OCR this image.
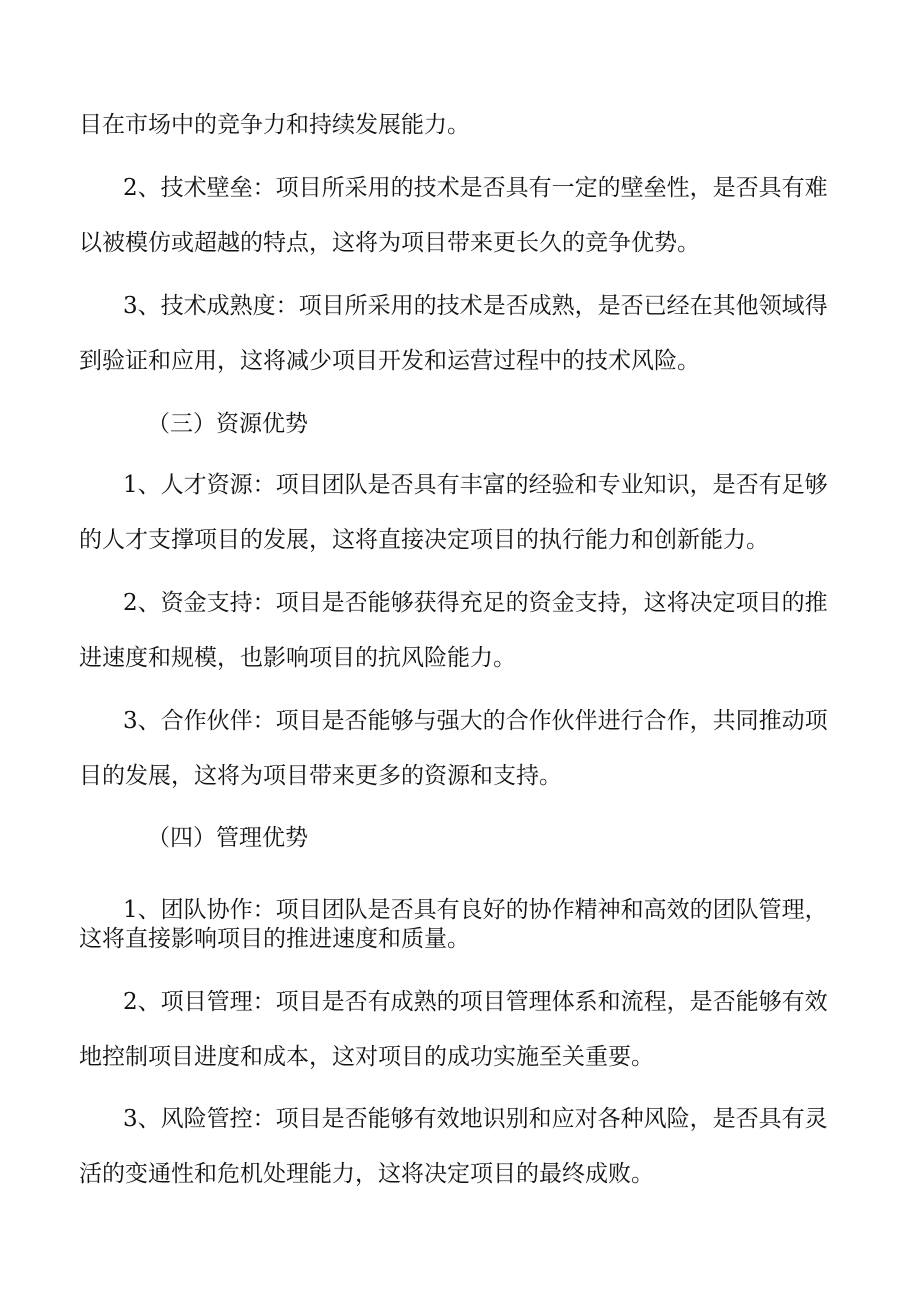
目在市场中的竞争力和持续发展能力。
2、技术壁垒：项目所采用的技术是否具有一定的壁垒性，是否具有难
以被模仿或超越的特点，这将为项目带来更长久的竞争优势。
3、技术成熟度：项目所采用的技术是否成熟，是否已经在其他领域得
到验证和应用，这将减少项目开发和运营过程中的技术风险。
（三）资源优势
1、人才资源：项目团队是否具有丰富的经验和专业知识，是否有足够
的人才支撑项目的发展，这将直接决定项目的执行能力和创新能力。
2、资金支持：项目是否能够获得充足的资金支持，这将决定项目的推
进速度和规模，也影响项目的抗风险能力。
3、合作伙伴：项目是否能够与强大的合作伙伴进行合作，共同推动项
目的发展，这将为项目带来更多的资源和支持。
（四）管理优势
1、团队协作：项目团队是否具有良好的协作精神和高效的团队管理，
这将直接影响项目的推进速度和质量。
2、项目管理：项目是否有成熟的项目管理体系和流程，是否能够有效
地控制项目进度和成本，这对项目的成功实施至关重要。
3、风险管控：项目是否能够有效地识别和应对各种风险，是否具有灵
活的变通性和危机处理能力，这将决定项目的最终成败。
